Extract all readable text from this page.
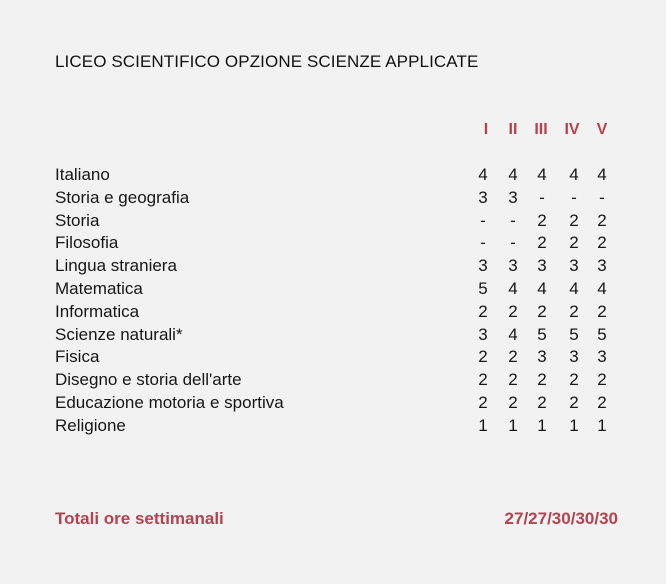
LICEO SCIENTIFICO OPZIONE SCIENZE APPLICATE
I II III IV V
Italiano	4 4 4 4 4
Storia e geografia	3 3 - - -
Storia	- - 2 2 2
Filosofia	- - 2 2 2
Lingua straniera	3 3 3 3 3
Matematica	5 4 4 4 4
Informatica	2 2 2 2 2
Scienze naturali*	3 4 5 5 5
Fisica	2 2 3 3 3
Disegno e storia dell'arte	2 2 2 2 2
Educazione motoria e sportiva	2 2 2 2 2
Religione	1 1 1 1 1
Totali ore settimanali	27/27/30/30/30
